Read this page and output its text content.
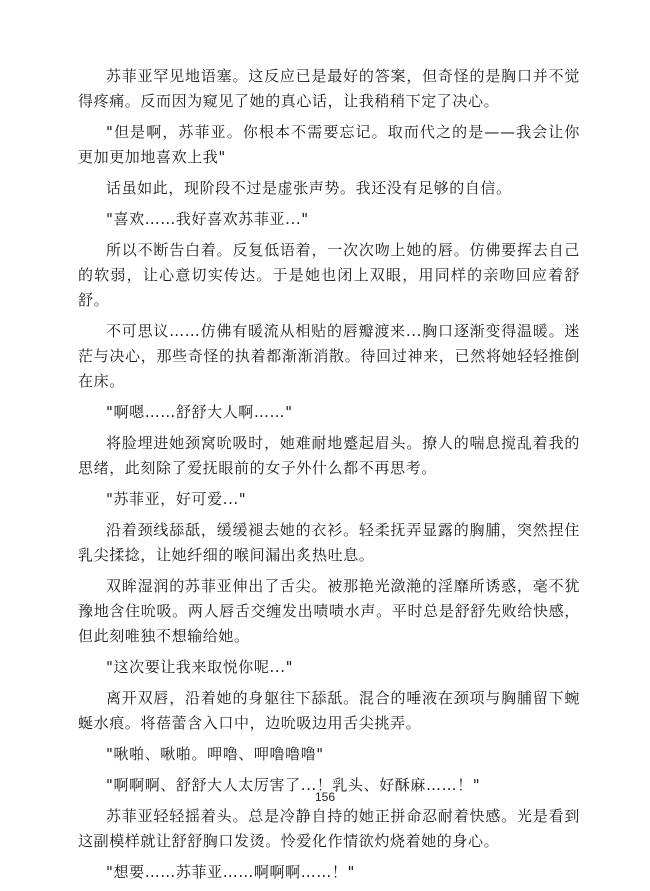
苏菲亚罕见地语塞。这反应已是最好的答案，但奇怪的是胸口并不觉得疼痛。反而因为窥见了她的真心话，让我稍稍下定了决心。

"但是啊，苏菲亚。你根本不需要忘记。取而代之的是——我会让你更加更加地喜欢上我"

话虽如此，现阶段不过是虚张声势。我还没有足够的自信。

"喜欢……我好喜欢苏菲亚..."

所以不断告白着。反复低语着，一次次吻上她的唇。仿佛要挥去自己的软弱，让心意切实传达。于是她也闭上双眼，用同样的亲吻回应着舒舒。

不可思议……仿佛有暖流从相贴的唇瓣渡来...胸口逐渐变得温暖。迷茫与决心，那些奇怪的执着都渐渐消散。待回过神来，已然将她轻轻推倒在床。

"啊嗯……舒舒大人啊……"

将脸埋进她颈窝吮吸时，她难耐地蹙起眉头。撩人的喘息搅乱着我的思绪，此刻除了爱抚眼前的女子外什么都不再思考。

"苏菲亚，好可爱..."

沿着颈线舔舐，缓缓褪去她的衣衫。轻柔抚弄显露的胸脯，突然捏住乳尖揉捻，让她纤细的喉间漏出炙热吐息。

双眸湿润的苏菲亚伸出了舌尖。被那艳光潋滟的淫靡所诱惑，毫不犹豫地含住吮吸。两人唇舌交缠发出啧啧水声。平时总是舒舒先败给快感，但此刻唯独不想输给她。

"这次要让我来取悦你呢..."

离开双唇，沿着她的身躯往下舔舐。混合的唾液在颈项与胸脯留下蜿蜒水痕。将蓓蕾含入口中，边吮吸边用舌尖挑弄。

"啾啪、啾啪。呷噜、呷噜噜噜"

"啊啊啊、舒舒大人太厉害了...！乳头、好酥麻……！"

苏菲亚轻轻摇着头。总是冷静自持的她正拼命忍耐着快感。光是看到这副模样就让舒舒胸口发烫。怜爱化作情欲灼烧着她的身心。

"想要……苏菲亚……啊啊啊……！"

156
